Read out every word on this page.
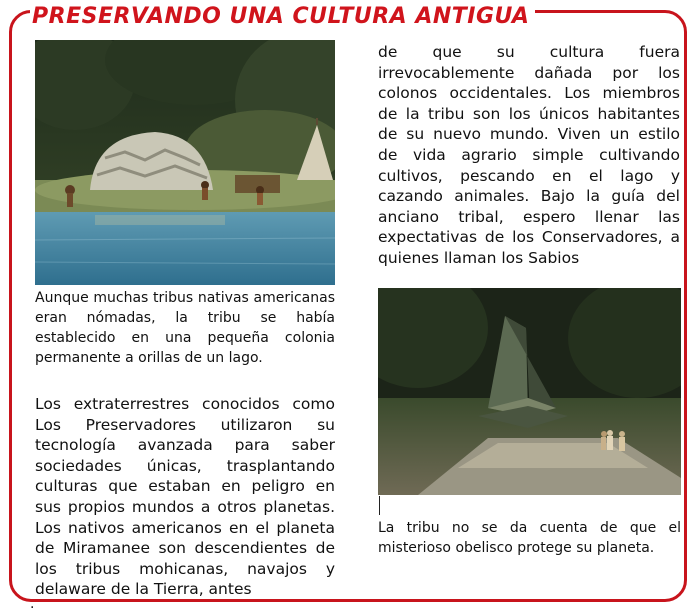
PRESERVANDO UNA CULTURA ANTIGUA

Aunque muchas tribus nativas americanas eran nómadas, la tribu se había establecido en una pequeña colonia permanente a orillas de un lago.

Los extraterrestres conocidos como Los Preservadores utilizaron su tecnología avanzada para saber sociedades únicas, trasplantando culturas que estaban en peligro en sus propios mundos a otros planetas. Los nativos americanos en el planeta de Miramanee son descendientes de los tribus mohicanas, navajos y delaware de la Tierra, antes

de que su cultura fuera irrevocablemente dañada por los colonos occidentales. Los miembros de la tribu son los únicos habitantes de su nuevo mundo. Viven un estilo de vida agrario simple cultivando cultivos, pescando en el lago y cazando animales. Bajo la guía del anciano tribal, espero llenar las expectativas de los Conservadores, a quienes llaman los Sabios

La tribu no se da cuenta de que el misterioso obelisco protege su planeta.

.
